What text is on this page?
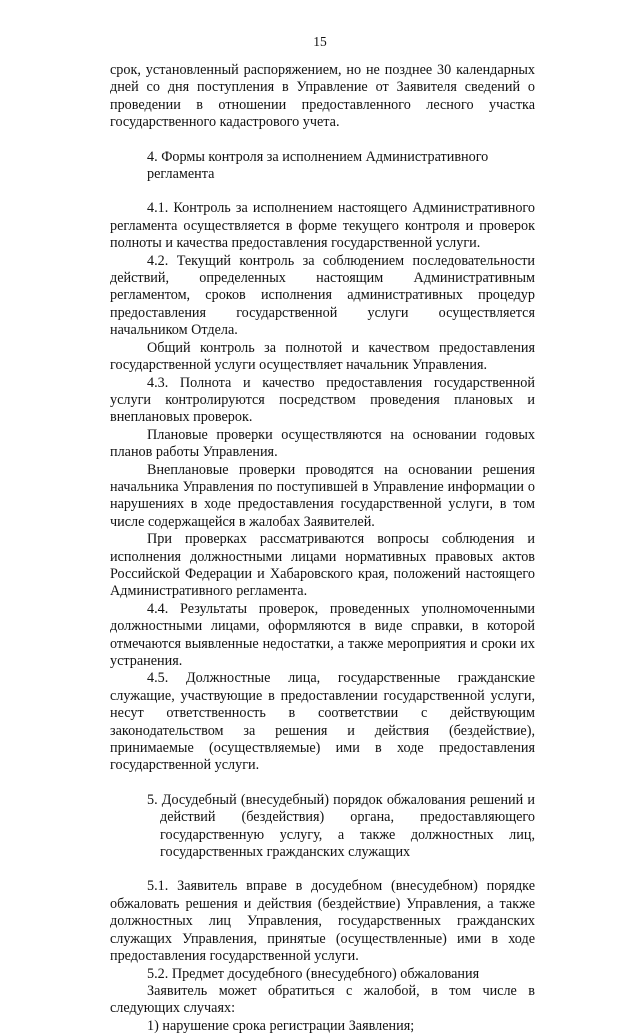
15

срок, установленный распоряжением, но не позднее 30 календарных дней со дня поступления в Управление от Заявителя сведений о проведении в отношении предоставленного лесного участка государственного кадастрового учета.

4. Формы контроля за исполнением Административного регламента

4.1. Контроль за исполнением настоящего Административного регламента осуществляется в форме текущего контроля и проверок полноты и качества предоставления государственной услуги.

4.2. Текущий контроль за соблюдением последовательности действий, определенных настоящим Административным регламентом, сроков исполнения административных процедур предоставления государственной услуги осуществляется начальником Отдела.

Общий контроль за полнотой и качеством предоставления государственной услуги осуществляет начальник Управления.

4.3. Полнота и качество предоставления государственной услуги контролируются посредством проведения плановых и внеплановых проверок.

Плановые проверки осуществляются на основании годовых планов работы Управления.

Внеплановые проверки проводятся на основании решения начальника Управления по поступившей в Управление информации о нарушениях в ходе предоставления государственной услуги, в том числе содержащейся в жалобах Заявителей.

При проверках рассматриваются вопросы соблюдения и исполнения должностными лицами нормативных правовых актов Российской Федерации и Хабаровского края, положений настоящего Административного регламента.

4.4. Результаты проверок, проведенных уполномоченными должностными лицами, оформляются в виде справки, в которой отмечаются выявленные недостатки, а также мероприятия и сроки их устранения.

4.5. Должностные лица, государственные гражданские служащие, участвующие в предоставлении государственной услуги, несут ответственность в соответствии с действующим законодательством за решения и действия (бездействие), принимаемые (осуществляемые) ими в ходе предоставления государственной услуги.

5. Досудебный (внесудебный) порядок обжалования решений и действий (бездействия) органа, предоставляющего государственную услугу, а также должностных лиц, государственных гражданских служащих

5.1. Заявитель вправе в досудебном (внесудебном) порядке обжаловать решения и действия (бездействие) Управления, а также должностных лиц Управления, государственных гражданских служащих Управления, принятые (осуществленные) ими в ходе предоставления государственной услуги.

5.2. Предмет досудебного (внесудебного) обжалования

Заявитель может обратиться с жалобой, в том числе в следующих случаях:

1) нарушение срока регистрации Заявления;
